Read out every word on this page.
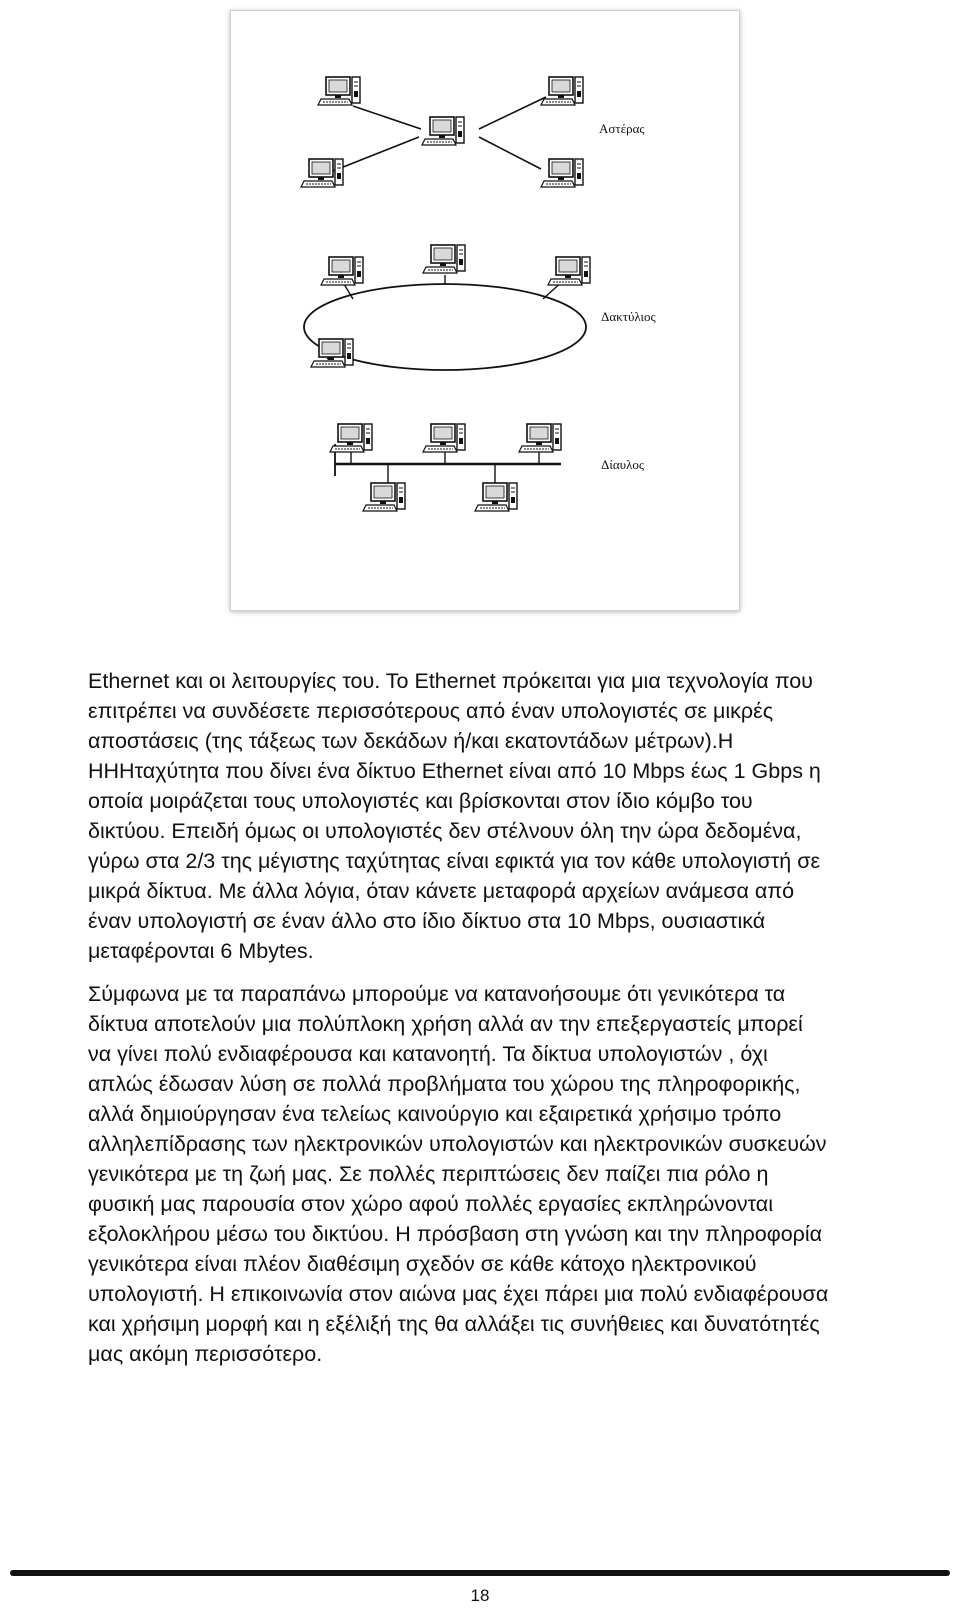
Αστέρας
Δακτύλιος
Δίαυλος
Ethernet και οι λειτουργίες του. Το Ethernet πρόκειται για μια τεχνολογία που
επιτρέπει να συνδέσετε περισσότερους από έναν υπολογιστές σε μικρές
αποστάσεις (της τάξεως των δεκάδων ή/και εκατοντάδων μέτρων).H
HHHταχύτητα που δίνει ένα δίκτυο Ethernet είναι από 10 Mbps έως 1 Gbps η
οποία μοιράζεται τους υπολογιστές και βρίσκονται στον ίδιο κόμβο του
δικτύου. Επειδή όμως οι υπολογιστές δεν στέλνουν όλη την ώρα δεδομένα,
γύρω στα 2/3 της μέγιστης ταχύτητας είναι εφικτά για τον κάθε υπολογιστή σε
μικρά δίκτυα. Με άλλα λόγια, όταν κάνετε μεταφορά αρχείων ανάμεσα από
έναν υπολογιστή σε έναν άλλο στο ίδιο δίκτυο στα 10 Mbps, ουσιαστικά
μεταφέρονται 6 Mbytes.
Σύμφωνα με τα παραπάνω μπορούμε να κατανοήσουμε ότι γενικότερα τα
δίκτυα αποτελούν μια πολύπλοκη χρήση αλλά αν την επεξεργαστείς μπορεί
να γίνει πολύ ενδιαφέρουσα και κατανοητή. Τα δίκτυα υπολογιστών , όχι
απλώς έδωσαν λύση σε πολλά προβλήματα του χώρου της πληροφορικής,
αλλά δημιούργησαν ένα τελείως καινούργιο και εξαιρετικά χρήσιμο τρόπο
αλληλεπίδρασης των ηλεκτρονικών υπολογιστών και ηλεκτρονικών συσκευών
γενικότερα με τη ζωή μας. Σε πολλές περιπτώσεις δεν παίζει πια ρόλο η
φυσική μας παρουσία στον χώρο αφού πολλές εργασίες εκπληρώνονται
εξολοκλήρου μέσω του δικτύου. Η πρόσβαση στη γνώση και την πληροφορία
γενικότερα είναι πλέον διαθέσιμη σχεδόν σε κάθε κάτοχο ηλεκτρονικού
υπολογιστή. Η επικοινωνία στον αιώνα μας έχει πάρει μια πολύ ενδιαφέρουσα
και χρήσιμη μορφή και η εξέλιξή της θα αλλάξει τις συνήθειες και δυνατότητές
μας ακόμη περισσότερο.
18
